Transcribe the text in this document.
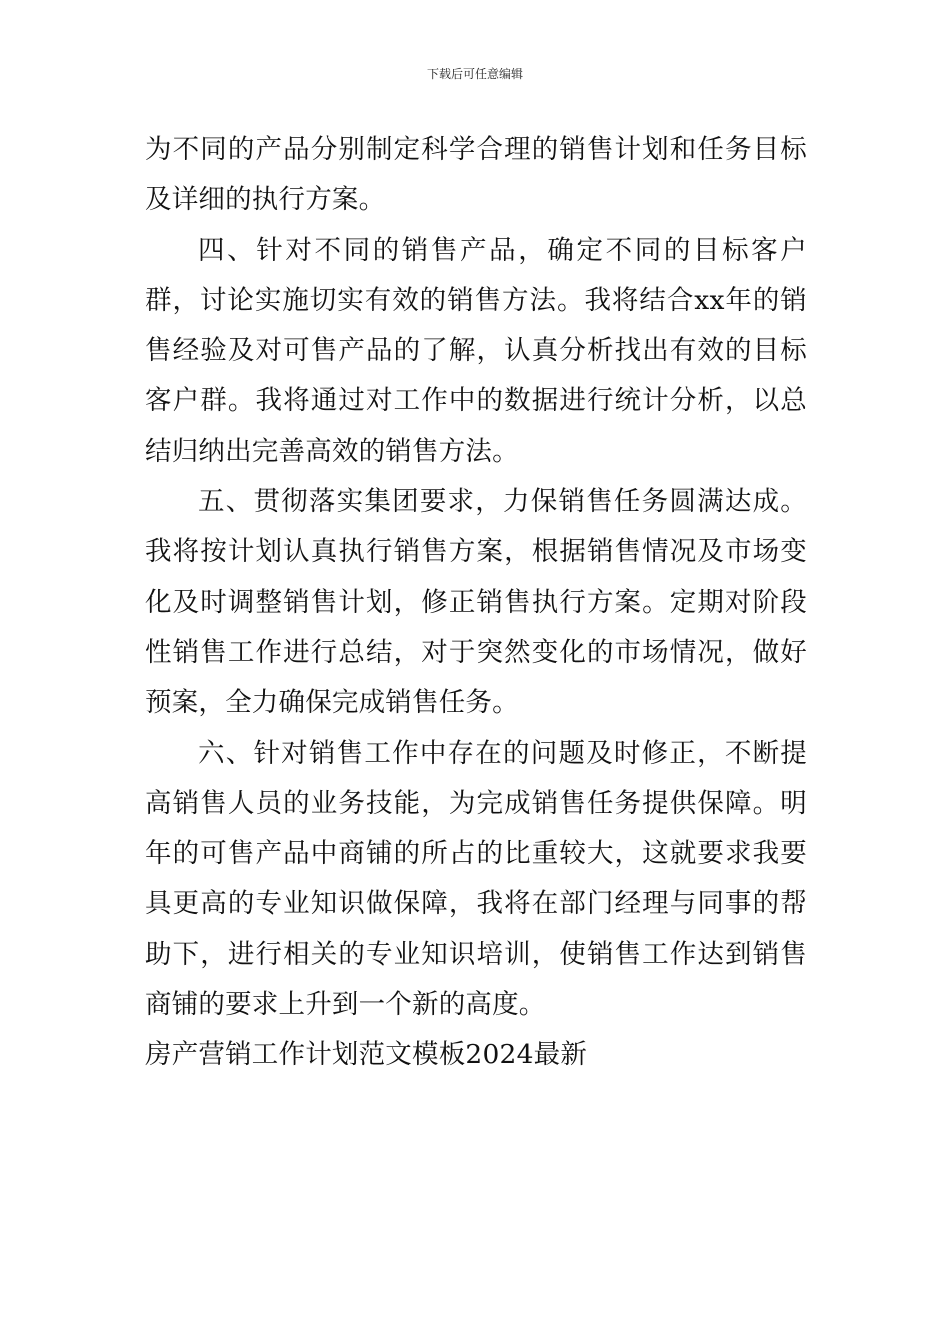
下载后可任意编辑

为不同的产品分别制定科学合理的销售计划和任务目标及详细的执行方案。

四、针对不同的销售产品，确定不同的目标客户群，讨论实施切实有效的销售方法。我将结合xx年的销售经验及对可售产品的了解，认真分析找出有效的目标客户群。我将通过对工作中的数据进行统计分析，以总结归纳出完善高效的销售方法。

五、贯彻落实集团要求，力保销售任务圆满达成。我将按计划认真执行销售方案，根据销售情况及市场变化及时调整销售计划，修正销售执行方案。定期对阶段性销售工作进行总结，对于突然变化的市场情况，做好预案，全力确保完成销售任务。

六、针对销售工作中存在的问题及时修正，不断提高销售人员的业务技能，为完成销售任务提供保障。明年的可售产品中商铺的所占的比重较大，这就要求我要具更高的专业知识做保障，我将在部门经理与同事的帮助下，进行相关的专业知识培训，使销售工作达到销售商铺的要求上升到一个新的高度。

房产营销工作计划范文模板2024最新
